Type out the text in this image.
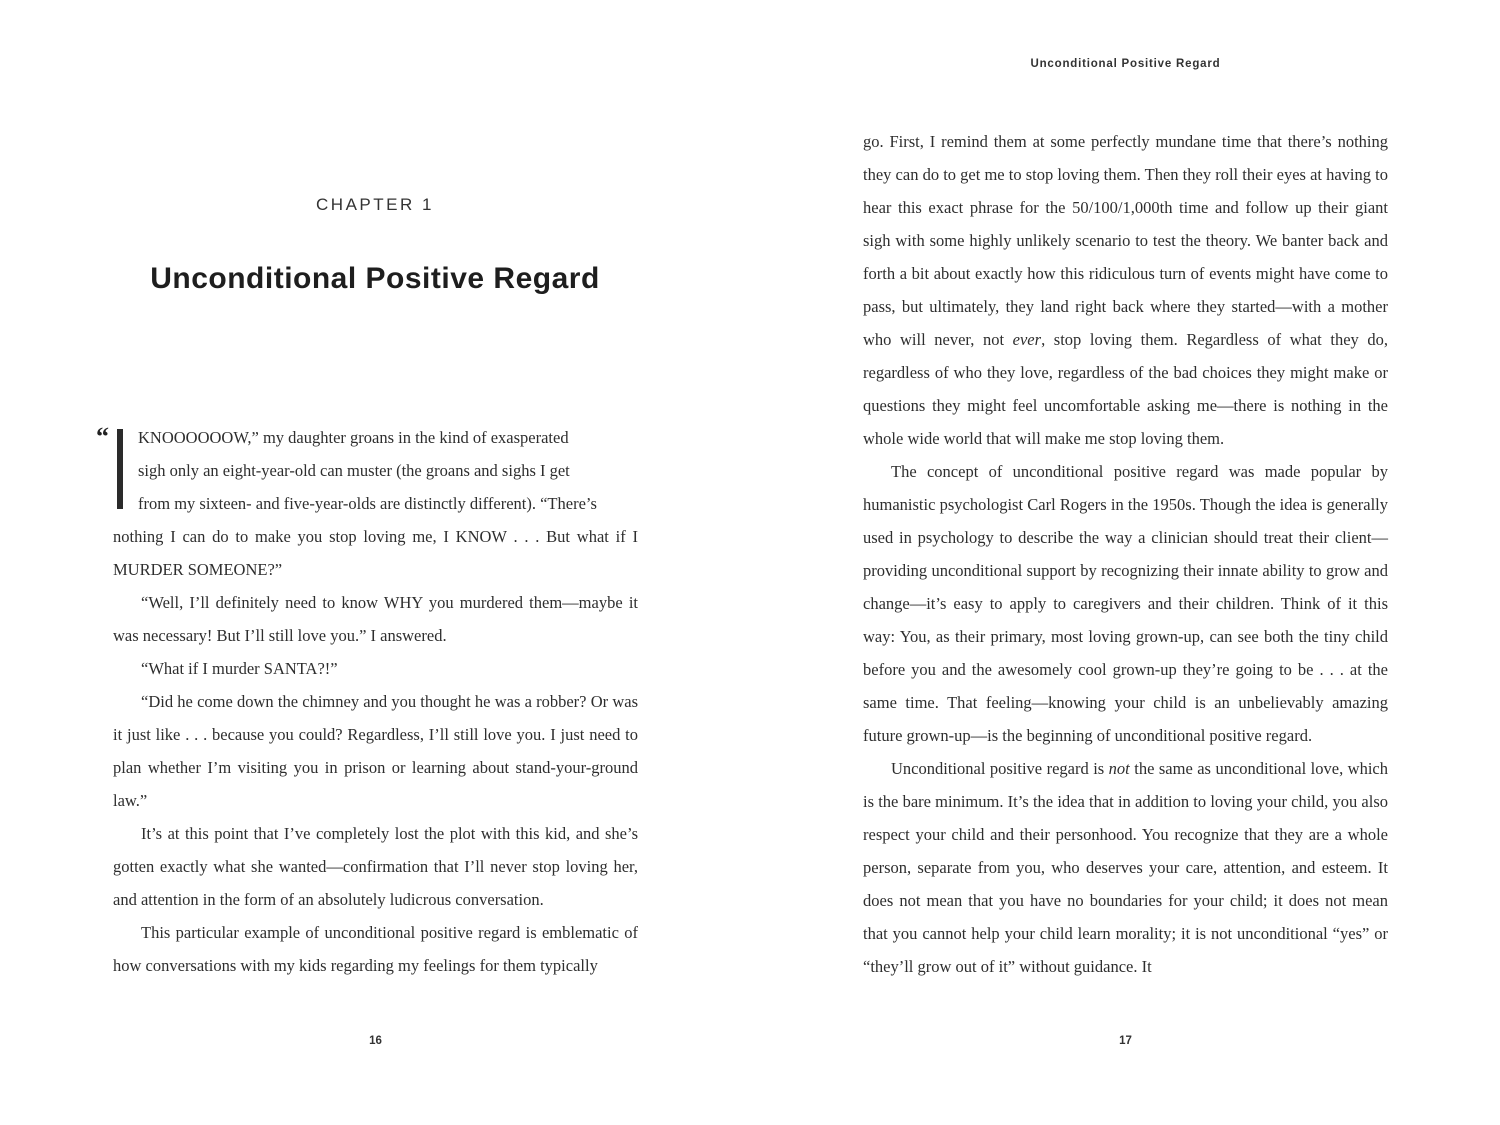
CHAPTER 1
Unconditional Positive Regard
“ KNOOOOOOW,” my daughter groans in the kind of exasperated
sigh only an eight-year-old can muster (the groans and sighs I get
from my sixteen- and five-year-olds are distinctly different). “There’s

nothing I can do to make you stop loving me, I KNOW . . . But what if I MURDER SOMEONE?”

“Well, I’ll definitely need to know WHY you murdered them—maybe it was necessary! But I’ll still love you.” I answered.

“What if I murder SANTA?!”

“Did he come down the chimney and you thought he was a robber? Or was it just like . . . because you could? Regardless, I’ll still love you. I just need to plan whether I’m visiting you in prison or learning about stand-your-ground law.”

It’s at this point that I’ve completely lost the plot with this kid, and she’s gotten exactly what she wanted—confirmation that I’ll never stop loving her, and attention in the form of an absolutely ludicrous conversation.

This particular example of unconditional positive regard is emblematic of how conversations with my kids regarding my feelings for them typically

16
Unconditional Positive Regard

go. First, I remind them at some perfectly mundane time that there’s nothing they can do to get me to stop loving them. Then they roll their eyes at having to hear this exact phrase for the 50/100/1,000th time and follow up their giant sigh with some highly unlikely scenario to test the theory. We banter back and forth a bit about exactly how this ridiculous turn of events might have come to pass, but ultimately, they land right back where they started—with a mother who will never, not ever, stop loving them. Regardless of what they do, regardless of who they love, regardless of the bad choices they might make or questions they might feel uncomfortable asking me—there is nothing in the whole wide world that will make me stop loving them.

The concept of unconditional positive regard was made popular by humanistic psychologist Carl Rogers in the 1950s. Though the idea is generally used in psychology to describe the way a clinician should treat their client—providing unconditional support by recognizing their innate ability to grow and change—it’s easy to apply to caregivers and their children. Think of it this way: You, as their primary, most loving grown-up, can see both the tiny child before you and the awesomely cool grown-up they’re going to be . . . at the same time. That feeling—knowing your child is an unbelievably amazing future grown-up—is the beginning of unconditional positive regard.

Unconditional positive regard is not the same as unconditional love, which is the bare minimum. It’s the idea that in addition to loving your child, you also respect your child and their personhood. You recognize that they are a whole person, separate from you, who deserves your care, attention, and esteem. It does not mean that you have no boundaries for your child; it does not mean that you cannot help your child learn morality; it is not unconditional “yes” or “they’ll grow out of it” without guidance. It

17
